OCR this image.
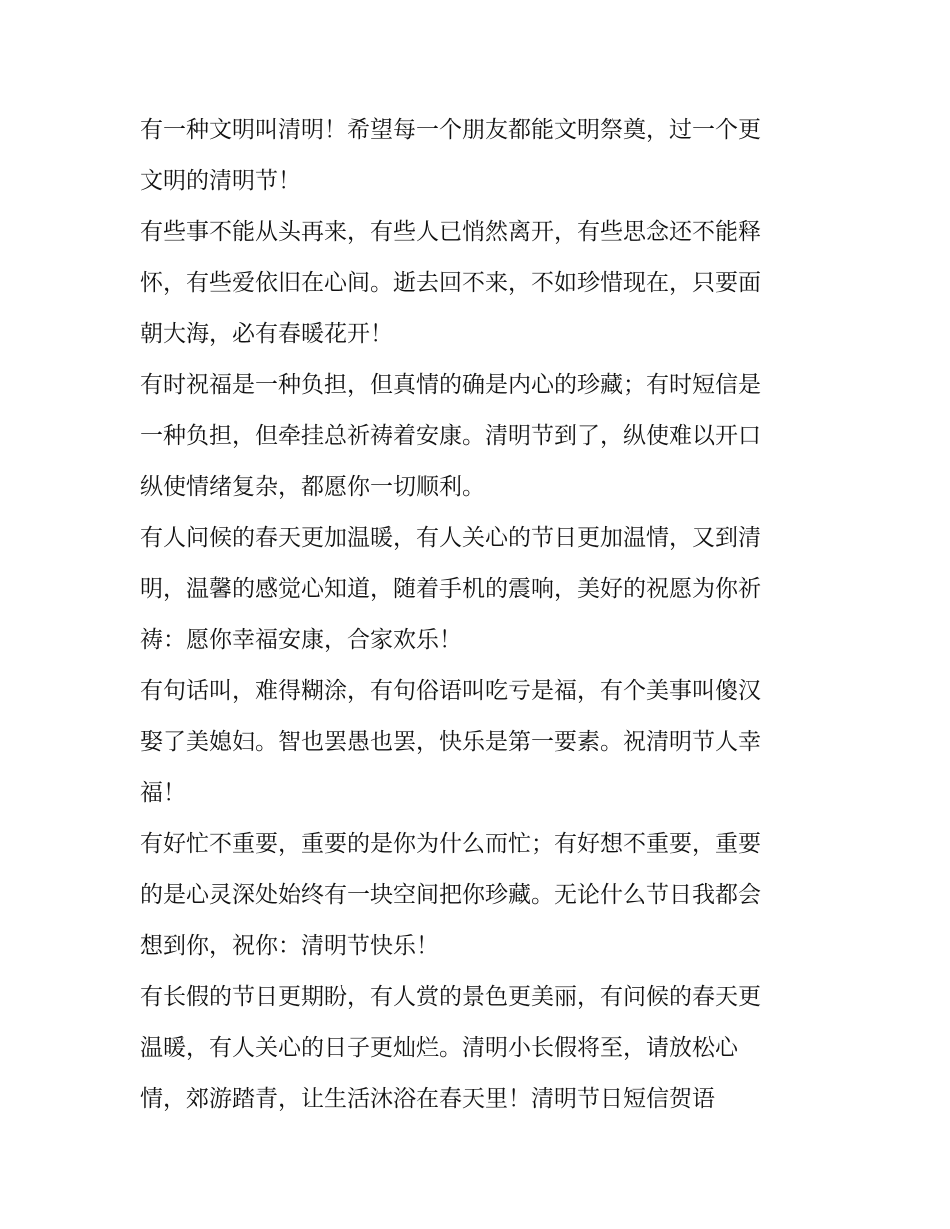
有一种文明叫清明！希望每一个朋友都能文明祭奠，过一个更
文明的清明节！
有些事不能从头再来，有些人已悄然离开，有些思念还不能释
怀，有些爱依旧在心间。逝去回不来，不如珍惜现在，只要面
朝大海，必有春暖花开！
有时祝福是一种负担，但真情的确是内心的珍藏；有时短信是
一种负担，但牵挂总祈祷着安康。清明节到了，纵使难以开口
纵使情绪复杂，都愿你一切顺利。
有人问候的春天更加温暖，有人关心的节日更加温情，又到清
明，温馨的感觉心知道，随着手机的震响，美好的祝愿为你祈
祷：愿你幸福安康，合家欢乐！
有句话叫，难得糊涂，有句俗语叫吃亏是福，有个美事叫傻汉
娶了美媳妇。智也罢愚也罢，快乐是第一要素。祝清明节人幸
福！
有好忙不重要，重要的是你为什么而忙；有好想不重要，重要
的是心灵深处始终有一块空间把你珍藏。无论什么节日我都会
想到你，祝你：清明节快乐！
有长假的节日更期盼，有人赏的景色更美丽，有问候的春天更
温暖，有人关心的日子更灿烂。清明小长假将至，请放松心
情，郊游踏青，让生活沐浴在春天里！清明节日短信贺语
